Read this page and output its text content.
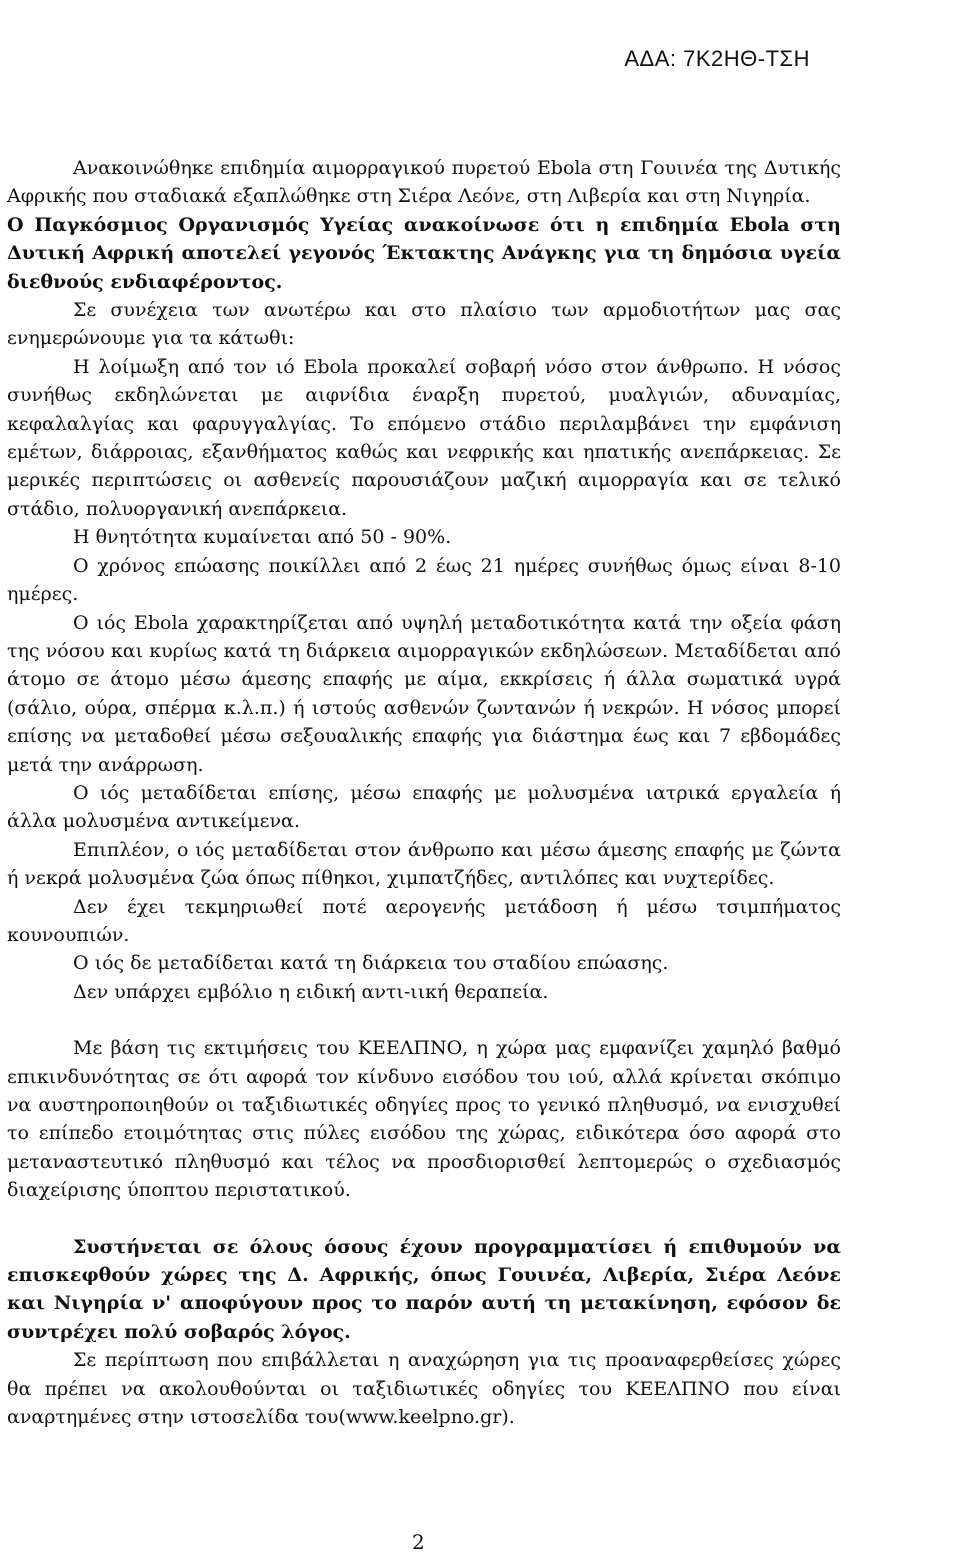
ΑΔΑ: 7Κ2ΗΘ-ΤΣΗ

Ανακοινώθηκε επιδημία αιμορραγικού πυρετού Ebola στη Γουινέα της Δυτικής Αφρικής που σταδιακά εξαπλώθηκε στη Σιέρα Λεόνε, στη Λιβερία και στη Νιγηρία.

Ο Παγκόσμιος Οργανισμός Υγείας ανακοίνωσε ότι η επιδημία Ebola στη Δυτική Αφρική αποτελεί γεγονός Έκτακτης Ανάγκης για τη δημόσια υγεία διεθνούς ενδιαφέροντος.

Σε συνέχεια των ανωτέρω και στο πλαίσιο των αρμοδιοτήτων μας σας ενημερώνουμε για τα κάτωθι:

Η λοίμωξη από τον ιό Ebola προκαλεί σοβαρή νόσο στον άνθρωπο. Η νόσος συνήθως εκδηλώνεται με αιφνίδια έναρξη πυρετού, μυαλγιών, αδυναμίας, κεφαλαλγίας και φαρυγγαλγίας. Το επόμενο στάδιο περιλαμβάνει την εμφάνιση εμέτων, διάρροιας, εξανθήματος καθώς και νεφρικής και ηπατικής ανεπάρκειας. Σε μερικές περιπτώσεις οι ασθενείς παρουσιάζουν μαζική αιμορραγία και σε τελικό στάδιο, πολυοργανική ανεπάρκεια.

Η θνητότητα κυμαίνεται από 50 - 90%.

Ο χρόνος επώασης ποικίλλει από 2 έως 21 ημέρες συνήθως όμως είναι 8-10 ημέρες.

Ο ιός Ebola χαρακτηρίζεται από υψηλή μεταδοτικότητα κατά την οξεία φάση της νόσου και κυρίως κατά τη διάρκεια αιμορραγικών εκδηλώσεων. Μεταδίδεται από άτομο σε άτομο μέσω άμεσης επαφής με αίμα, εκκρίσεις ή άλλα σωματικά υγρά (σάλιο, ούρα, σπέρμα κ.λ.π.) ή ιστούς ασθενών ζωντανών ή νεκρών. Η νόσος μπορεί επίσης να μεταδοθεί μέσω σεξουαλικής επαφής για διάστημα έως και 7 εβδομάδες μετά την ανάρρωση.

Ο ιός μεταδίδεται επίσης, μέσω επαφής με μολυσμένα ιατρικά εργαλεία ή άλλα μολυσμένα αντικείμενα.

Επιπλέον, ο ιός μεταδίδεται στον άνθρωπο και μέσω άμεσης επαφής με ζώντα ή νεκρά μολυσμένα ζώα όπως πίθηκοι, χιμπατζήδες, αντιλόπες και νυχτερίδες.

Δεν έχει τεκμηριωθεί ποτέ αερογενής μετάδοση ή μέσω τσιμπήματος κουνουπιών.

Ο ιός δε μεταδίδεται κατά τη διάρκεια του σταδίου επώασης.

Δεν υπάρχει εμβόλιο η ειδική αντι-ιική θεραπεία.

Με βάση τις εκτιμήσεις του ΚΕΕΛΠΝΟ, η χώρα μας εμφανίζει χαμηλό βαθμό επικινδυνότητας σε ότι αφορά τον κίνδυνο εισόδου του ιού, αλλά κρίνεται σκόπιμο να αυστηροποιηθούν οι ταξιδιωτικές οδηγίες προς το γενικό πληθυσμό, να ενισχυθεί το επίπεδο ετοιμότητας στις πύλες εισόδου της χώρας, ειδικότερα όσο αφορά στο μεταναστευτικό πληθυσμό και τέλος να προσδιορισθεί λεπτομερώς ο σχεδιασμός διαχείρισης ύποπτου περιστατικού.

Συστήνεται σε όλους όσους έχουν προγραμματίσει ή επιθυμούν να επισκεφθούν χώρες της Δ. Αφρικής, όπως Γουινέα, Λιβερία, Σιέρα Λεόνε και Νιγηρία ν' αποφύγουν προς το παρόν αυτή τη μετακίνηση, εφόσον δε συντρέχει πολύ σοβαρός λόγος.

Σε περίπτωση που επιβάλλεται η αναχώρηση για τις προαναφερθείσες χώρες θα πρέπει να ακολουθούνται οι ταξιδιωτικές οδηγίες του ΚΕΕΛΠΝΟ που είναι αναρτημένες στην ιστοσελίδα του(www.keelpno.gr).

2
